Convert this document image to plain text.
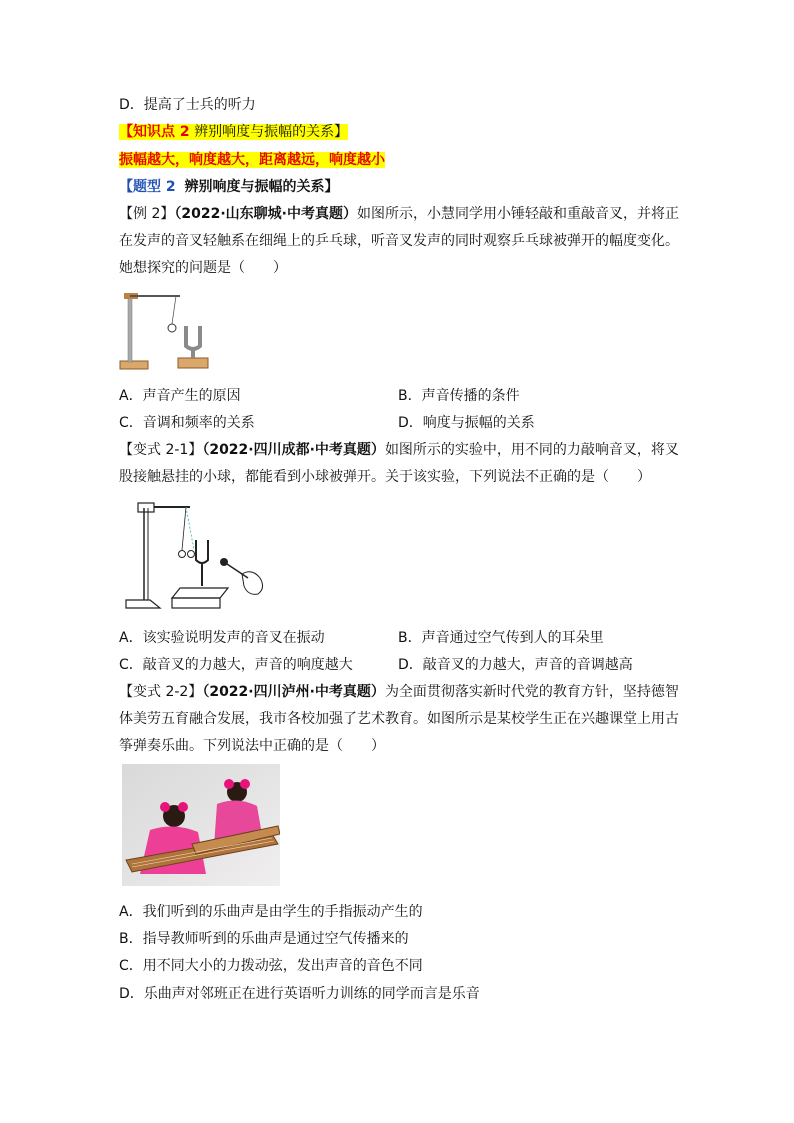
D．提高了士兵的听力
【知识点 2 辨别响度与振幅的关系】
振幅越大，响度越大，距离越远，响度越小
【题型 2 辨别响度与振幅的关系】
【例 2】（2022·山东聊城·中考真题）如图所示，小慧同学用小锤轻敲和重敲音叉，并将正
在发声的音叉轻触系在细绳上的乒乓球，听音叉发声的同时观察乒乓球被弹开的幅度变化。
她想探究的问题是（　　）
A．声音产生的原因	B．声音传播的条件
C．音调和频率的关系	D．响度与振幅的关系
【变式 2-1】（2022·四川成都·中考真题）如图所示的实验中，用不同的力敲响音叉，将叉
股接触悬挂的小球，都能看到小球被弹开。关于该实验，下列说法不正确的是（　　）
A．该实验说明发声的音叉在振动	B．声音通过空气传到人的耳朵里
C．敲音叉的力越大，声音的响度越大	D．敲音叉的力越大，声音的音调越高
【变式 2-2】（2022·四川泸州·中考真题）为全面贯彻落实新时代党的教育方针，坚持德智
体美劳五育融合发展，我市各校加强了艺术教育。如图所示是某校学生正在兴趣课堂上用古
筝弹奏乐曲。下列说法中正确的是（　　）
A．我们听到的乐曲声是由学生的手指振动产生的
B．指导教师听到的乐曲声是通过空气传播来的
C．用不同大小的力拨动弦，发出声音的音色不同
D．乐曲声对邻班正在进行英语听力训练的同学而言是乐音
